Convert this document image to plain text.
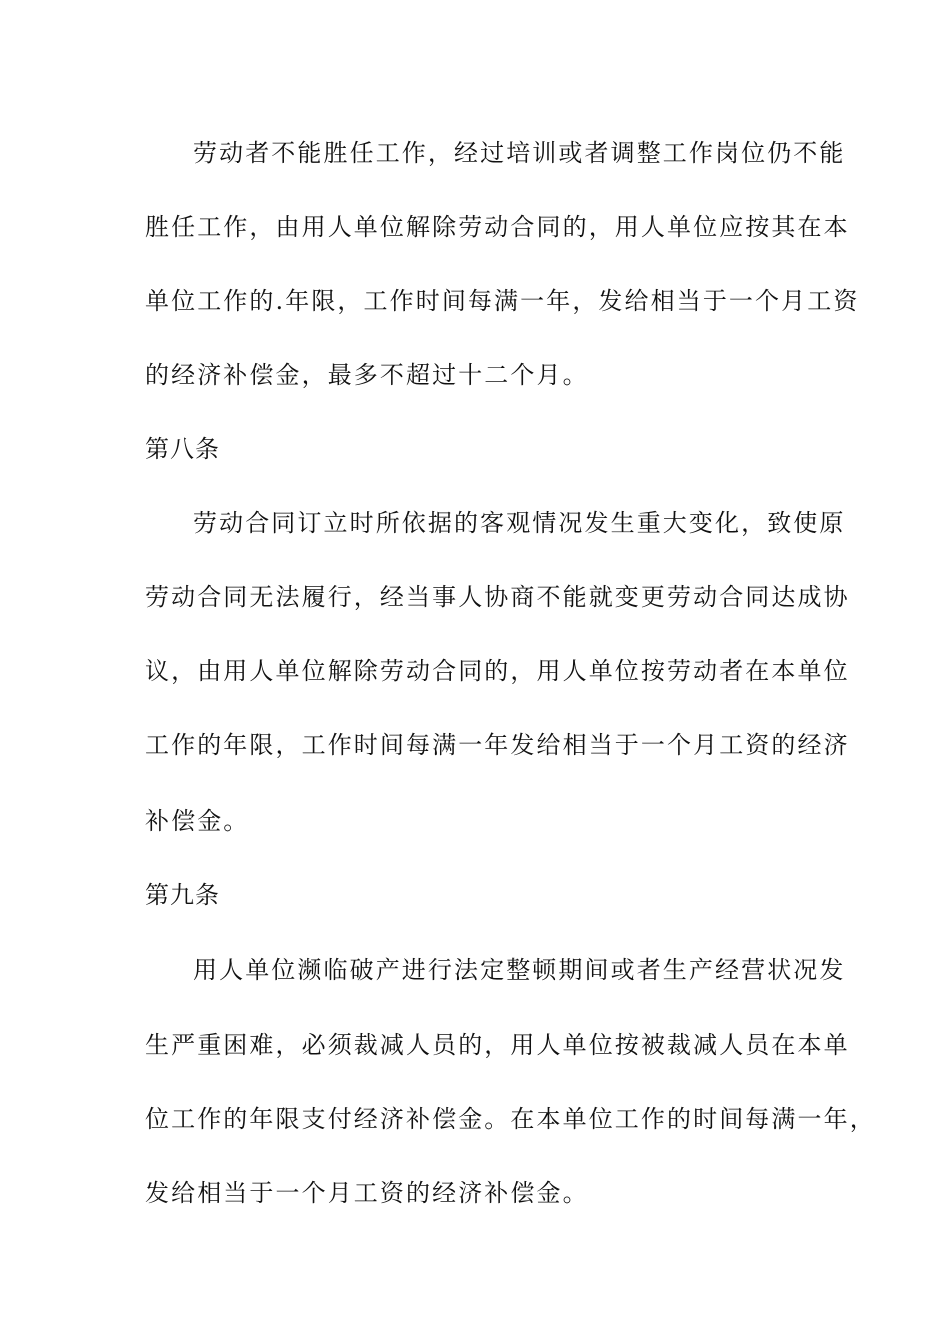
劳动者不能胜任工作，经过培训或者调整工作岗位仍不能
胜任工作，由用人单位解除劳动合同的，用人单位应按其在本
单位工作的.年限，工作时间每满一年，发给相当于一个月工资
的经济补偿金，最多不超过十二个月。
第八条
劳动合同订立时所依据的客观情况发生重大变化，致使原
劳动合同无法履行，经当事人协商不能就变更劳动合同达成协
议，由用人单位解除劳动合同的，用人单位按劳动者在本单位
工作的年限，工作时间每满一年发给相当于一个月工资的经济
补偿金。
第九条
用人单位濒临破产进行法定整顿期间或者生产经营状况发
生严重困难，必须裁减人员的，用人单位按被裁减人员在本单
位工作的年限支付经济补偿金。在本单位工作的时间每满一年，
发给相当于一个月工资的经济补偿金。
